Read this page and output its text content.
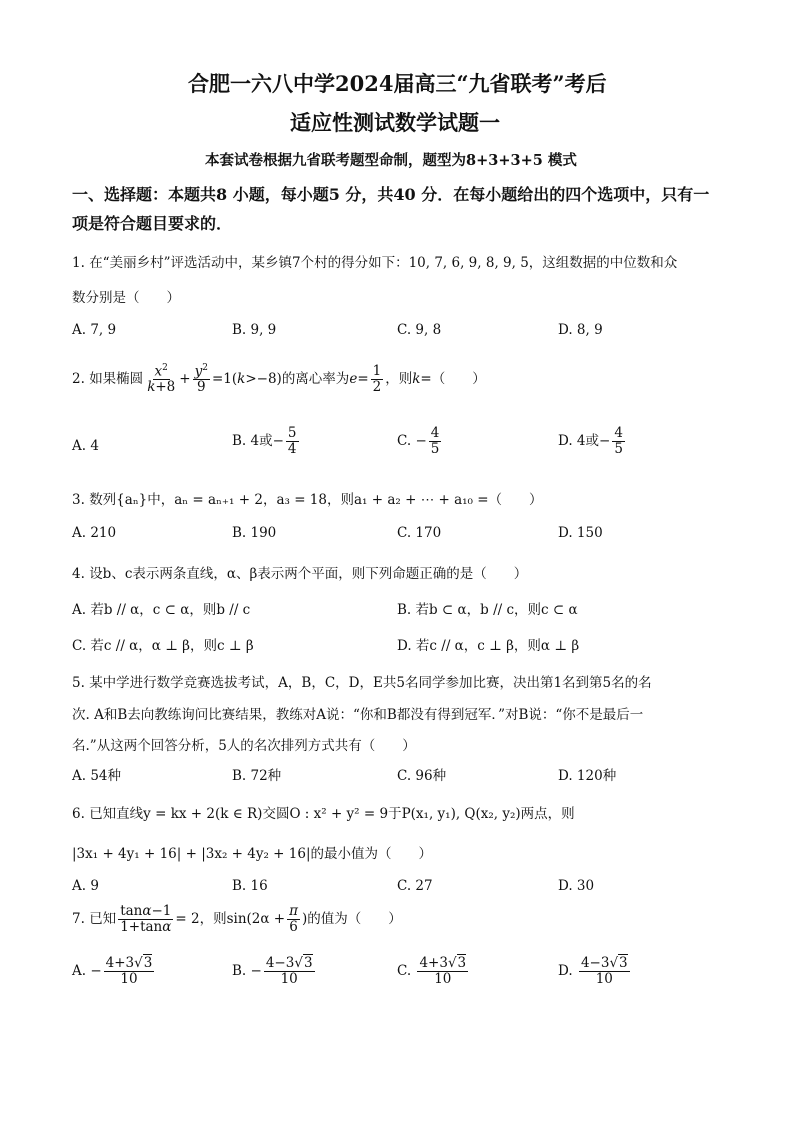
合肥一六八中学2024届高三“九省联考”考后
适应性测试数学试题一
本套试卷根据九省联考题型命制，题型为8+3+3+5 模式
一、选择题：本题共8 小题，每小题5 分，共40 分．在每小题给出的四个选项中，只有一
项是符合题目要求的．
1. 在“美丽乡村”评选活动中，某乡镇7个村的得分如下：10, 7, 6, 9, 8, 9, 5，这组数据的中位数和众
数分别是（　　）
A. 7, 9	B. 9, 9	C. 9, 8	D. 8, 9
2. 如果椭圆 $\frac{x^2}{k+8} + \frac{y^2}{9} =1(k>-8)$的离心率为$e= \frac{1}{2}$ ，则k=（　　）
A. 4	B. 4或− $\frac{5}{4}$	C. − $\frac{4}{5}$	D. 4或− $\frac{4}{5}$
3. 数列{aₙ}中，aₙ = aₙ₊₁ + 2，a₃ = 18，则a₁ + a₂ + ⋯ + a₁₀ =（　　）
A. 210	B. 190	C. 170	D. 150
4. 设b、c表示两条直线，α、β表示两个平面，则下列命题正确的是（　　）
A. 若b // α，c ⊂ α，则b // c	B. 若b ⊂ α，b // c，则c ⊂ α
C. 若c // α，α ⊥ β，则c ⊥ β	D. 若c // α，c ⊥ β，则α ⊥ β
5. 某中学进行数学竞赛选拔考试，A，B，C，D，E共5名同学参加比赛，决出第1名到第5名的名
次. A和B去向教练询问比赛结果，教练对A说：“你和B都没有得到冠军．”对B说：“你不是最后一
名.”从这两个回答分析，5人的名次排列方式共有（　　）
A. 54种	B. 72种	C. 96种	D. 120种
6. 已知直线y = kx + 2(k ∈ R)交圆O : x² + y² = 9于P(x₁, y₁), Q(x₂, y₂)两点，则
|3x₁ + 4y₁ + 16| + |3x₂ + 4y₂ + 16|的最小值为（　　）
A. 9	B. 16	C. 27	D. 30
7. 已知 $\frac{\tan\alpha-1}{1+\tan\alpha} = 2$，则$\sin(2\alpha + \frac{\pi}{6}$ )的值为（　　）
A. − $\frac{4+3√3}{10}$	B. − $\frac{4-3√3}{10}$	C. $\frac{4+3√3}{10}$	D. $\frac{4-3√3}{10}$
